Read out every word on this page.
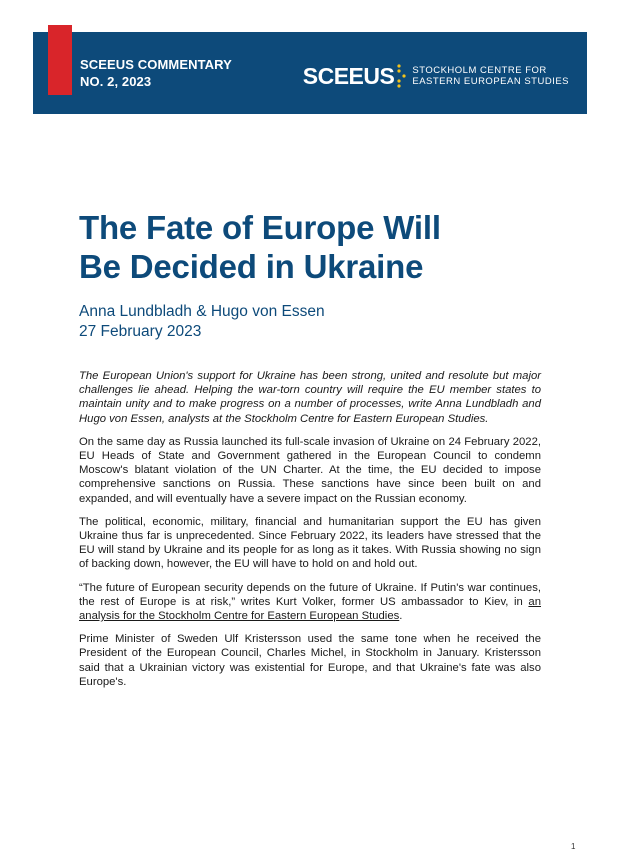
SCEEUS COMMENTARY
NO. 2, 2023	SCEEUS STOCKHOLM CENTRE FOR
EASTERN EUROPEAN STUDIES
The Fate of Europe Will
Be Decided in Ukraine
Anna Lundbladh & Hugo von Essen
27 February 2023

The European Union's support for Ukraine has been strong, united and resolute but major challenges lie ahead. Helping the war-torn country will require the EU member states to maintain unity and to make progress on a number of processes, write Anna Lundbladh and Hugo von Essen, analysts at the Stockholm Centre for Eastern European Studies.

On the same day as Russia launched its full-scale invasion of Ukraine on 24 February 2022, EU Heads of State and Government gathered in the European Council to condemn Moscow's blatant violation of the UN Charter. At the time, the EU decided to impose comprehensive sanctions on Russia. These sanctions have since been built on and expanded, and will eventually have a severe impact on the Russian economy.

The political, economic, military, financial and humanitarian support the EU has given Ukraine thus far is unprecedented. Since February 2022, its leaders have stressed that the EU will stand by Ukraine and its people for as long as it takes. With Russia showing no sign of backing down, however, the EU will have to hold on and hold out.

“The future of European security depends on the future of Ukraine. If Putin's war continues, the rest of Europe is at risk,” writes Kurt Volker, former US ambassador to Kiev, in an analysis for the Stockholm Centre for Eastern European Studies.

Prime Minister of Sweden Ulf Kristersson used the same tone when he received the President of the European Council, Charles Michel, in Stockholm in January. Kristersson said that a Ukrainian victory was existential for Europe, and that Ukraine's fate was also Europe's.

1
